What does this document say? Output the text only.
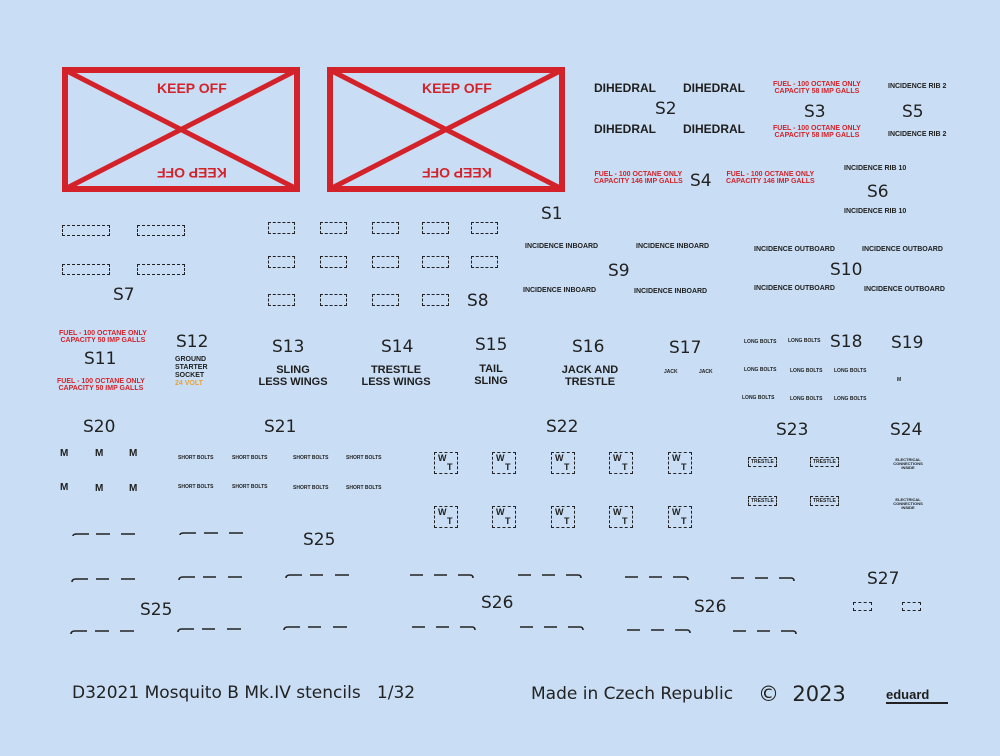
KEEP OFF
KEEP OFF
KEEP OFF
KEEP OFF
DIHEDRAL DIHEDRAL
DIHEDRAL DIHEDRAL
S2
FUEL - 100 OCTANE ONLY
CAPACITY 58 IMP GALLS
FUEL - 100 OCTANE ONLY
CAPACITY 58 IMP GALLS
S3
INCIDENCE RIB 2
INCIDENCE RIB 2
S5
FUEL - 100 OCTANE ONLY
CAPACITY 146 IMP GALLS
FUEL - 100 OCTANE ONLY
CAPACITY 146 IMP GALLS
S4
INCIDENCE RIB 10
INCIDENCE RIB 10
S6
S1
S7	S8
INCIDENCE INBOARD	INCIDENCE INBOARD
INCIDENCE INBOARD	INCIDENCE INBOARD
S9
INCIDENCE OUTBOARD	INCIDENCE OUTBOARD
INCIDENCE OUTBOARD	INCIDENCE OUTBOARD
S10
FUEL - 100 OCTANE ONLY
CAPACITY 50 IMP GALLS
S11
FUEL - 100 OCTANE ONLY
CAPACITY 50 IMP GALLS
S12
GROUND
STARTER
SOCKET
24 VOLT
S13
SLING
LESS WINGS
S14
TRESTLE
LESS WINGS
S15
TAIL
SLING
S16
JACK AND
TRESTLE
S17
JACK	JACK
LONG BOLTS LONG BOLTS
LONG BOLTS	LONG BOLTS LONG BOLTS
LONG BOLTS	LONG BOLTS LONG BOLTS
S18 S19
M
S20
M	M	M
M	M	M
S21
SHORT BOLTS	SHORT BOLTS	SHORT BOLTS	SHORT BOLTS
SHORT BOLTS	SHORT BOLTS	SHORT BOLTS	SHORT BOLTS
S22
W
T
W
T
W
T
W
T
W
T
W
T
W
T
W
T
W
T
W
T
S23
TRESTLE	TRESTLE
TRESTLE	TRESTLE
S24
ELECTRICAL
CONNECTIONS
INSIDE
ELECTRICAL
CONNECTIONS
INSIDE
S25
S25	S26	S26
S27
D32021 Mosquito B Mk.IV stencils   1/32	Made in Czech Republic ©  2023	eduard
